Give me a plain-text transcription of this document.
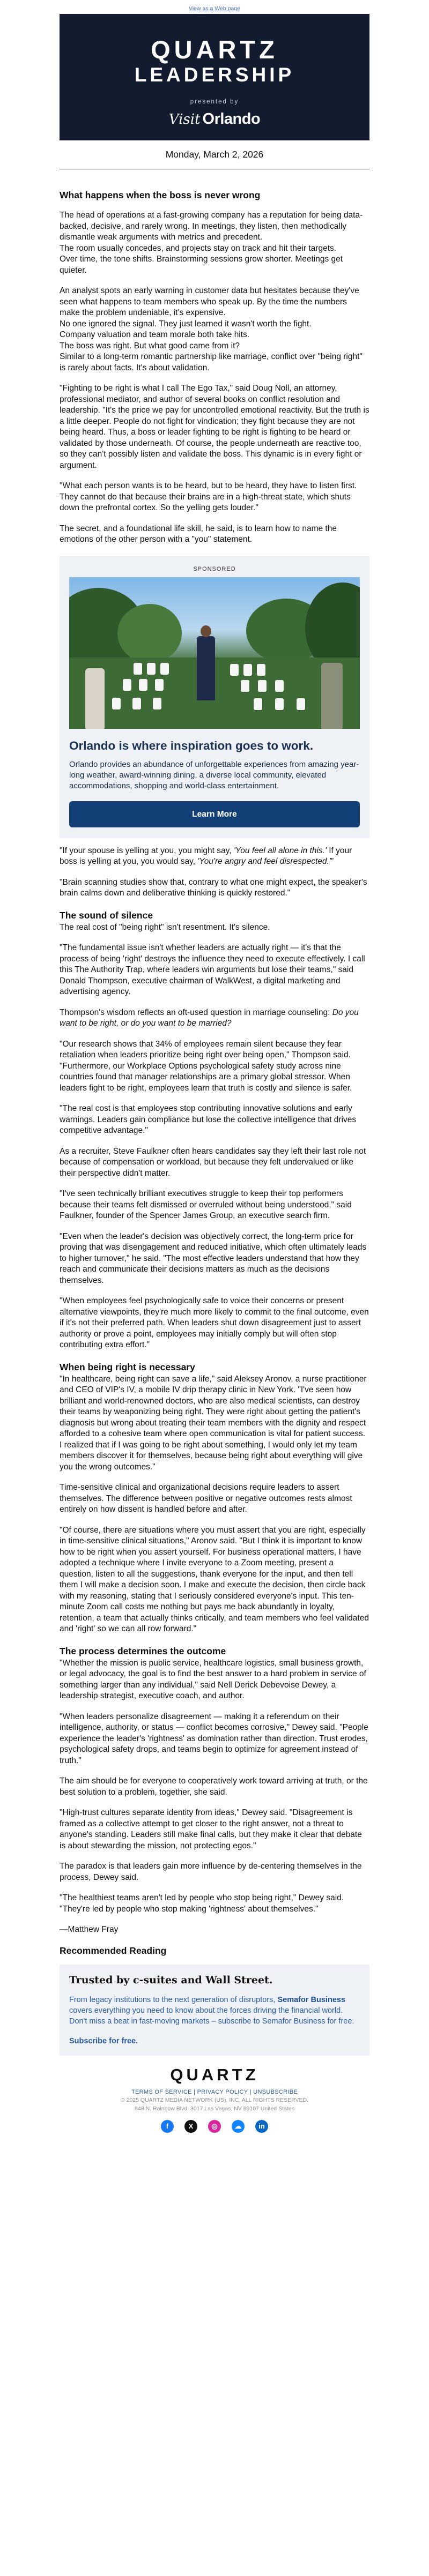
View as a Web page
QUARTZ
LEADERSHIP
presented by
Visit Orlando
Monday, March 2, 2026
What happens when the boss is never wrong

The head of operations at a fast-growing company has a reputation for being data-backed, decisive, and rarely wrong. In meetings, they listen, then methodically dismantle weak arguments with metrics and precedent.
The room usually concedes, and projects stay on track and hit their targets.
Over time, the tone shifts. Brainstorming sessions grow shorter. Meetings get quieter.

An analyst spots an early warning in customer data but hesitates because they've seen what happens to team members who speak up. By the time the numbers make the problem undeniable, it's expensive.
No one ignored the signal. They just learned it wasn't worth the fight.
Company valuation and team morale both take hits.
The boss was right. But what good came from it?
Similar to a long-term romantic partnership like marriage, conflict over "being right" is rarely about facts. It's about validation.

"Fighting to be right is what I call The Ego Tax," said Doug Noll, an attorney, professional mediator, and author of several books on conflict resolution and leadership. "It's the price we pay for uncontrolled emotional reactivity. But the truth is a little deeper. People do not fight for vindication; they fight because they are not being heard. Thus, a boss or leader fighting to be right is fighting to be heard or validated by those underneath. Of course, the people underneath are reactive too, so they can't possibly listen and validate the boss. This dynamic is in every fight or argument.

"What each person wants is to be heard, but to be heard, they have to listen first. They cannot do that because their brains are in a high-threat state, which shuts down the prefrontal cortex. So the yelling gets louder."

The secret, and a foundational life skill, he said, is to learn how to name the emotions of the other person with a "you" statement.

SPONSORED
Orlando is where inspiration goes to work.
Orlando provides an abundance of unforgettable experiences from amazing year-long weather, award-winning dining, a diverse local community, elevated accommodations, shopping and world-class entertainment.
Learn More

"If your spouse is yelling at you, you might say, 'You feel all alone in this.' If your boss is yelling at you, you would say, 'You're angry and feel disrespected.'"

"Brain scanning studies show that, contrary to what one might expect, the speaker's brain calms down and deliberative thinking is quickly restored."

The sound of silence

The real cost of "being right" isn't resentment. It's silence.

"The fundamental issue isn't whether leaders are actually right — it's that the process of being 'right' destroys the influence they need to execute effectively. I call this The Authority Trap, where leaders win arguments but lose their teams," said Donald Thompson, executive chairman of WalkWest, a digital marketing and advertising agency.

Thompson's wisdom reflects an oft-used question in marriage counseling: Do you want to be right, or do you want to be married?

"Our research shows that 34% of employees remain silent because they fear retaliation when leaders prioritize being right over being open," Thompson said. "Furthermore, our Workplace Options psychological safety study across nine countries found that manager relationships are a primary global stressor. When leaders fight to be right, employees learn that truth is costly and silence is safer.

"The real cost is that employees stop contributing innovative solutions and early warnings. Leaders gain compliance but lose the collective intelligence that drives competitive advantage."

As a recruiter, Steve Faulkner often hears candidates say they left their last role not because of compensation or workload, but because they felt undervalued or like their perspective didn't matter.

"I've seen technically brilliant executives struggle to keep their top performers because their teams felt dismissed or overruled without being understood," said Faulkner, founder of the Spencer James Group, an executive search firm.

"Even when the leader's decision was objectively correct, the long-term price for proving that was disengagement and reduced initiative, which often ultimately leads to higher turnover," he said. "The most effective leaders understand that how they reach and communicate their decisions matters as much as the decisions themselves.

"When employees feel psychologically safe to voice their concerns or present alternative viewpoints, they're much more likely to commit to the final outcome, even if it's not their preferred path. When leaders shut down disagreement just to assert authority or prove a point, employees may initially comply but will often stop contributing extra effort."

When being right is necessary

"In healthcare, being right can save a life," said Aleksey Aronov, a nurse practitioner and CEO of VIP's IV, a mobile IV drip therapy clinic in New York. "I've seen how brilliant and world-renowned doctors, who are also medical scientists, can destroy their teams by weaponizing being right. They were right about getting the patient's diagnosis but wrong about treating their team members with the dignity and respect afforded to a cohesive team where open communication is vital for patient success. I realized that if I was going to be right about something, I would only let my team members discover it for themselves, because being right about everything will give you the wrong outcomes."

Time-sensitive clinical and organizational decisions require leaders to assert themselves. The difference between positive or negative outcomes rests almost entirely on how dissent is handled before and after.

"Of course, there are situations where you must assert that you are right, especially in time-sensitive clinical situations," Aronov said. "But I think it is important to know how to be right when you assert yourself. For business operational matters, I have adopted a technique where I invite everyone to a Zoom meeting, present a question, listen to all the suggestions, thank everyone for the input, and then tell them I will make a decision soon. I make and execute the decision, then circle back with my reasoning, stating that I seriously considered everyone's input. This ten-minute Zoom call costs me nothing but pays me back abundantly in loyalty, retention, a team that actually thinks critically, and team members who feel validated and 'right' so we can all row forward."

The process determines the outcome

"Whether the mission is public service, healthcare logistics, small business growth, or legal advocacy, the goal is to find the best answer to a hard problem in service of something larger than any individual," said Nell Derick Debevoise Dewey, a leadership strategist, executive coach, and author.

"When leaders personalize disagreement — making it a referendum on their intelligence, authority, or status — conflict becomes corrosive," Dewey said. "People experience the leader's 'rightness' as domination rather than direction. Trust erodes, psychological safety drops, and teams begin to optimize for agreement instead of truth."

The aim should be for everyone to cooperatively work toward arriving at truth, or the best solution to a problem, together, she said.

"High-trust cultures separate identity from ideas," Dewey said. "Disagreement is framed as a collective attempt to get closer to the right answer, not a threat to anyone's standing. Leaders still make final calls, but they make it clear that debate is about stewarding the mission, not protecting egos."

The paradox is that leaders gain more influence by de-centering themselves in the process, Dewey said.

"The healthiest teams aren't led by people who stop being right," Dewey said. "They're led by people who stop making 'rightness' about themselves."

—Matthew Fray

Recommended Reading
Trusted by c-suites and Wall Street.
From legacy institutions to the next generation of disruptors, Semafor Business covers everything you need to know about the forces driving the financial world. Don't miss a beat in fast-moving markets – subscribe to Semafor Business for free.
Subscribe for free.
QUARTZ
TERMS OF SERVICE | PRIVACY POLICY | UNSUBSCRIBE
© 2025 QUARTZ MEDIA NETWORK (US), INC. ALL RIGHTS RESERVED.
848 N. Rainbow Blvd. 3017 Las Vegas, NV 89107 United States
f	X	◎	☁	in
